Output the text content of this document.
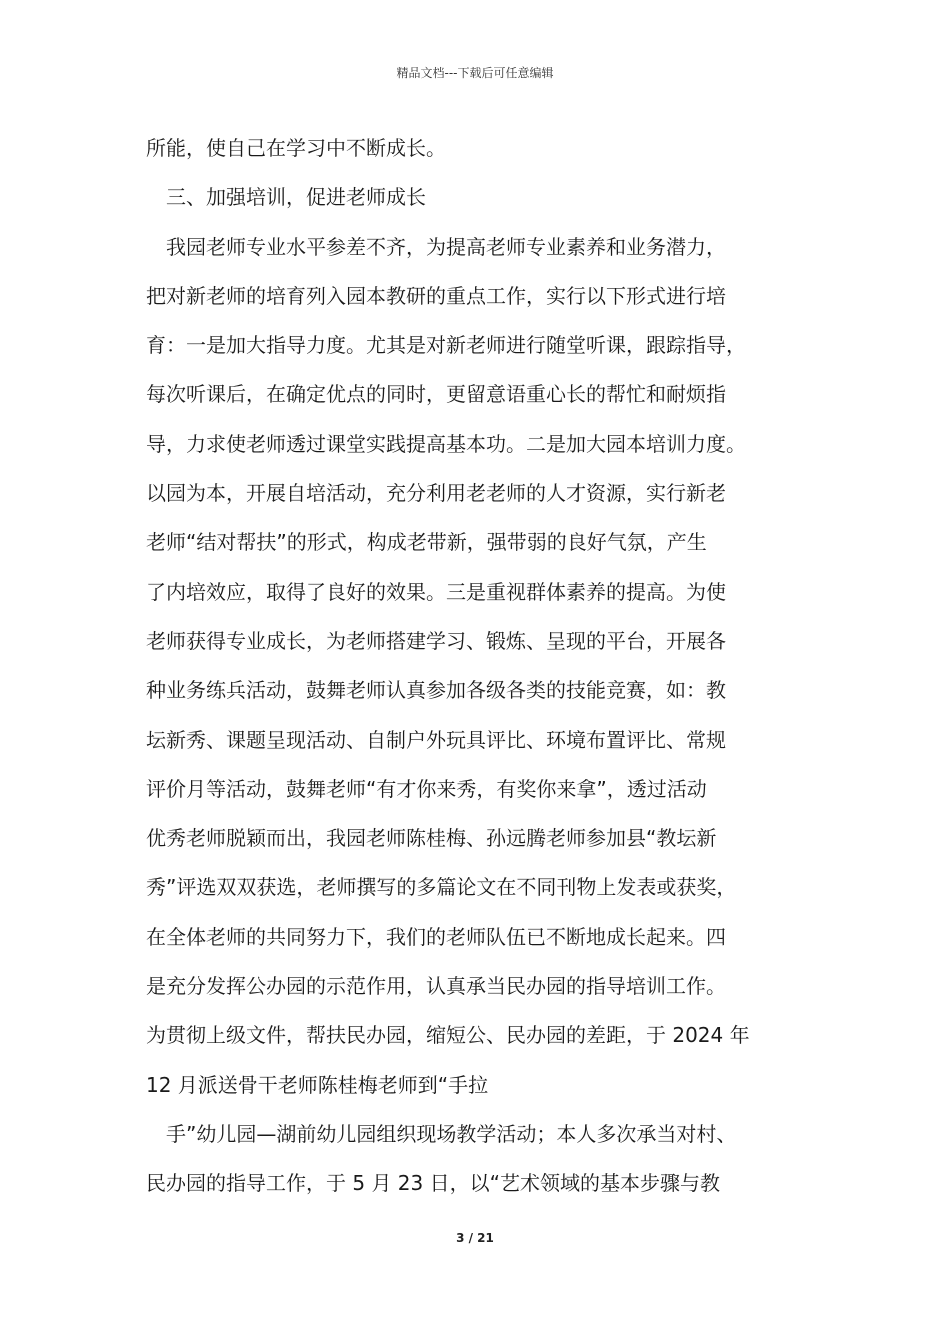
精品文档---下载后可任意编辑
所能，使自己在学习中不断成长。
三、加强培训，促进老师成长
我园老师专业水平参差不齐，为提高老师专业素养和业务潜力，
把对新老师的培育列入园本教研的重点工作，实行以下形式进行培
育：一是加大指导力度。尤其是对新老师进行随堂听课，跟踪指导，
每次听课后，在确定优点的同时，更留意语重心长的帮忙和耐烦指
导，力求使老师透过课堂实践提高基本功。二是加大园本培训力度。
以园为本，开展自培活动，充分利用老老师的人才资源，实行新老
老师“结对帮扶”的形式，构成老带新，强带弱的良好气氛，产生
了内培效应，取得了良好的效果。三是重视群体素养的提高。为使
老师获得专业成长，为老师搭建学习、锻炼、呈现的平台，开展各
种业务练兵活动，鼓舞老师认真参加各级各类的技能竞赛，如：教
坛新秀、课题呈现活动、自制户外玩具评比、环境布置评比、常规
评价月等活动，鼓舞老师“有才你来秀，有奖你来拿”，透过活动
优秀老师脱颖而出，我园老师陈桂梅、孙远腾老师参加县“教坛新
秀”评选双双获选，老师撰写的多篇论文在不同刊物上发表或获奖，
在全体老师的共同努力下，我们的老师队伍已不断地成长起来。四
是充分发挥公办园的示范作用，认真承当民办园的指导培训工作。
为贯彻上级文件，帮扶民办园，缩短公、民办园的差距，于 2024 年
12 月派送骨干老师陈桂梅老师到“手拉
手”幼儿园—湖前幼儿园组织现场教学活动；本人多次承当对村、
民办园的指导工作，于 5 月 23 日，以“艺术领域的基本步骤与教
3 / 21
